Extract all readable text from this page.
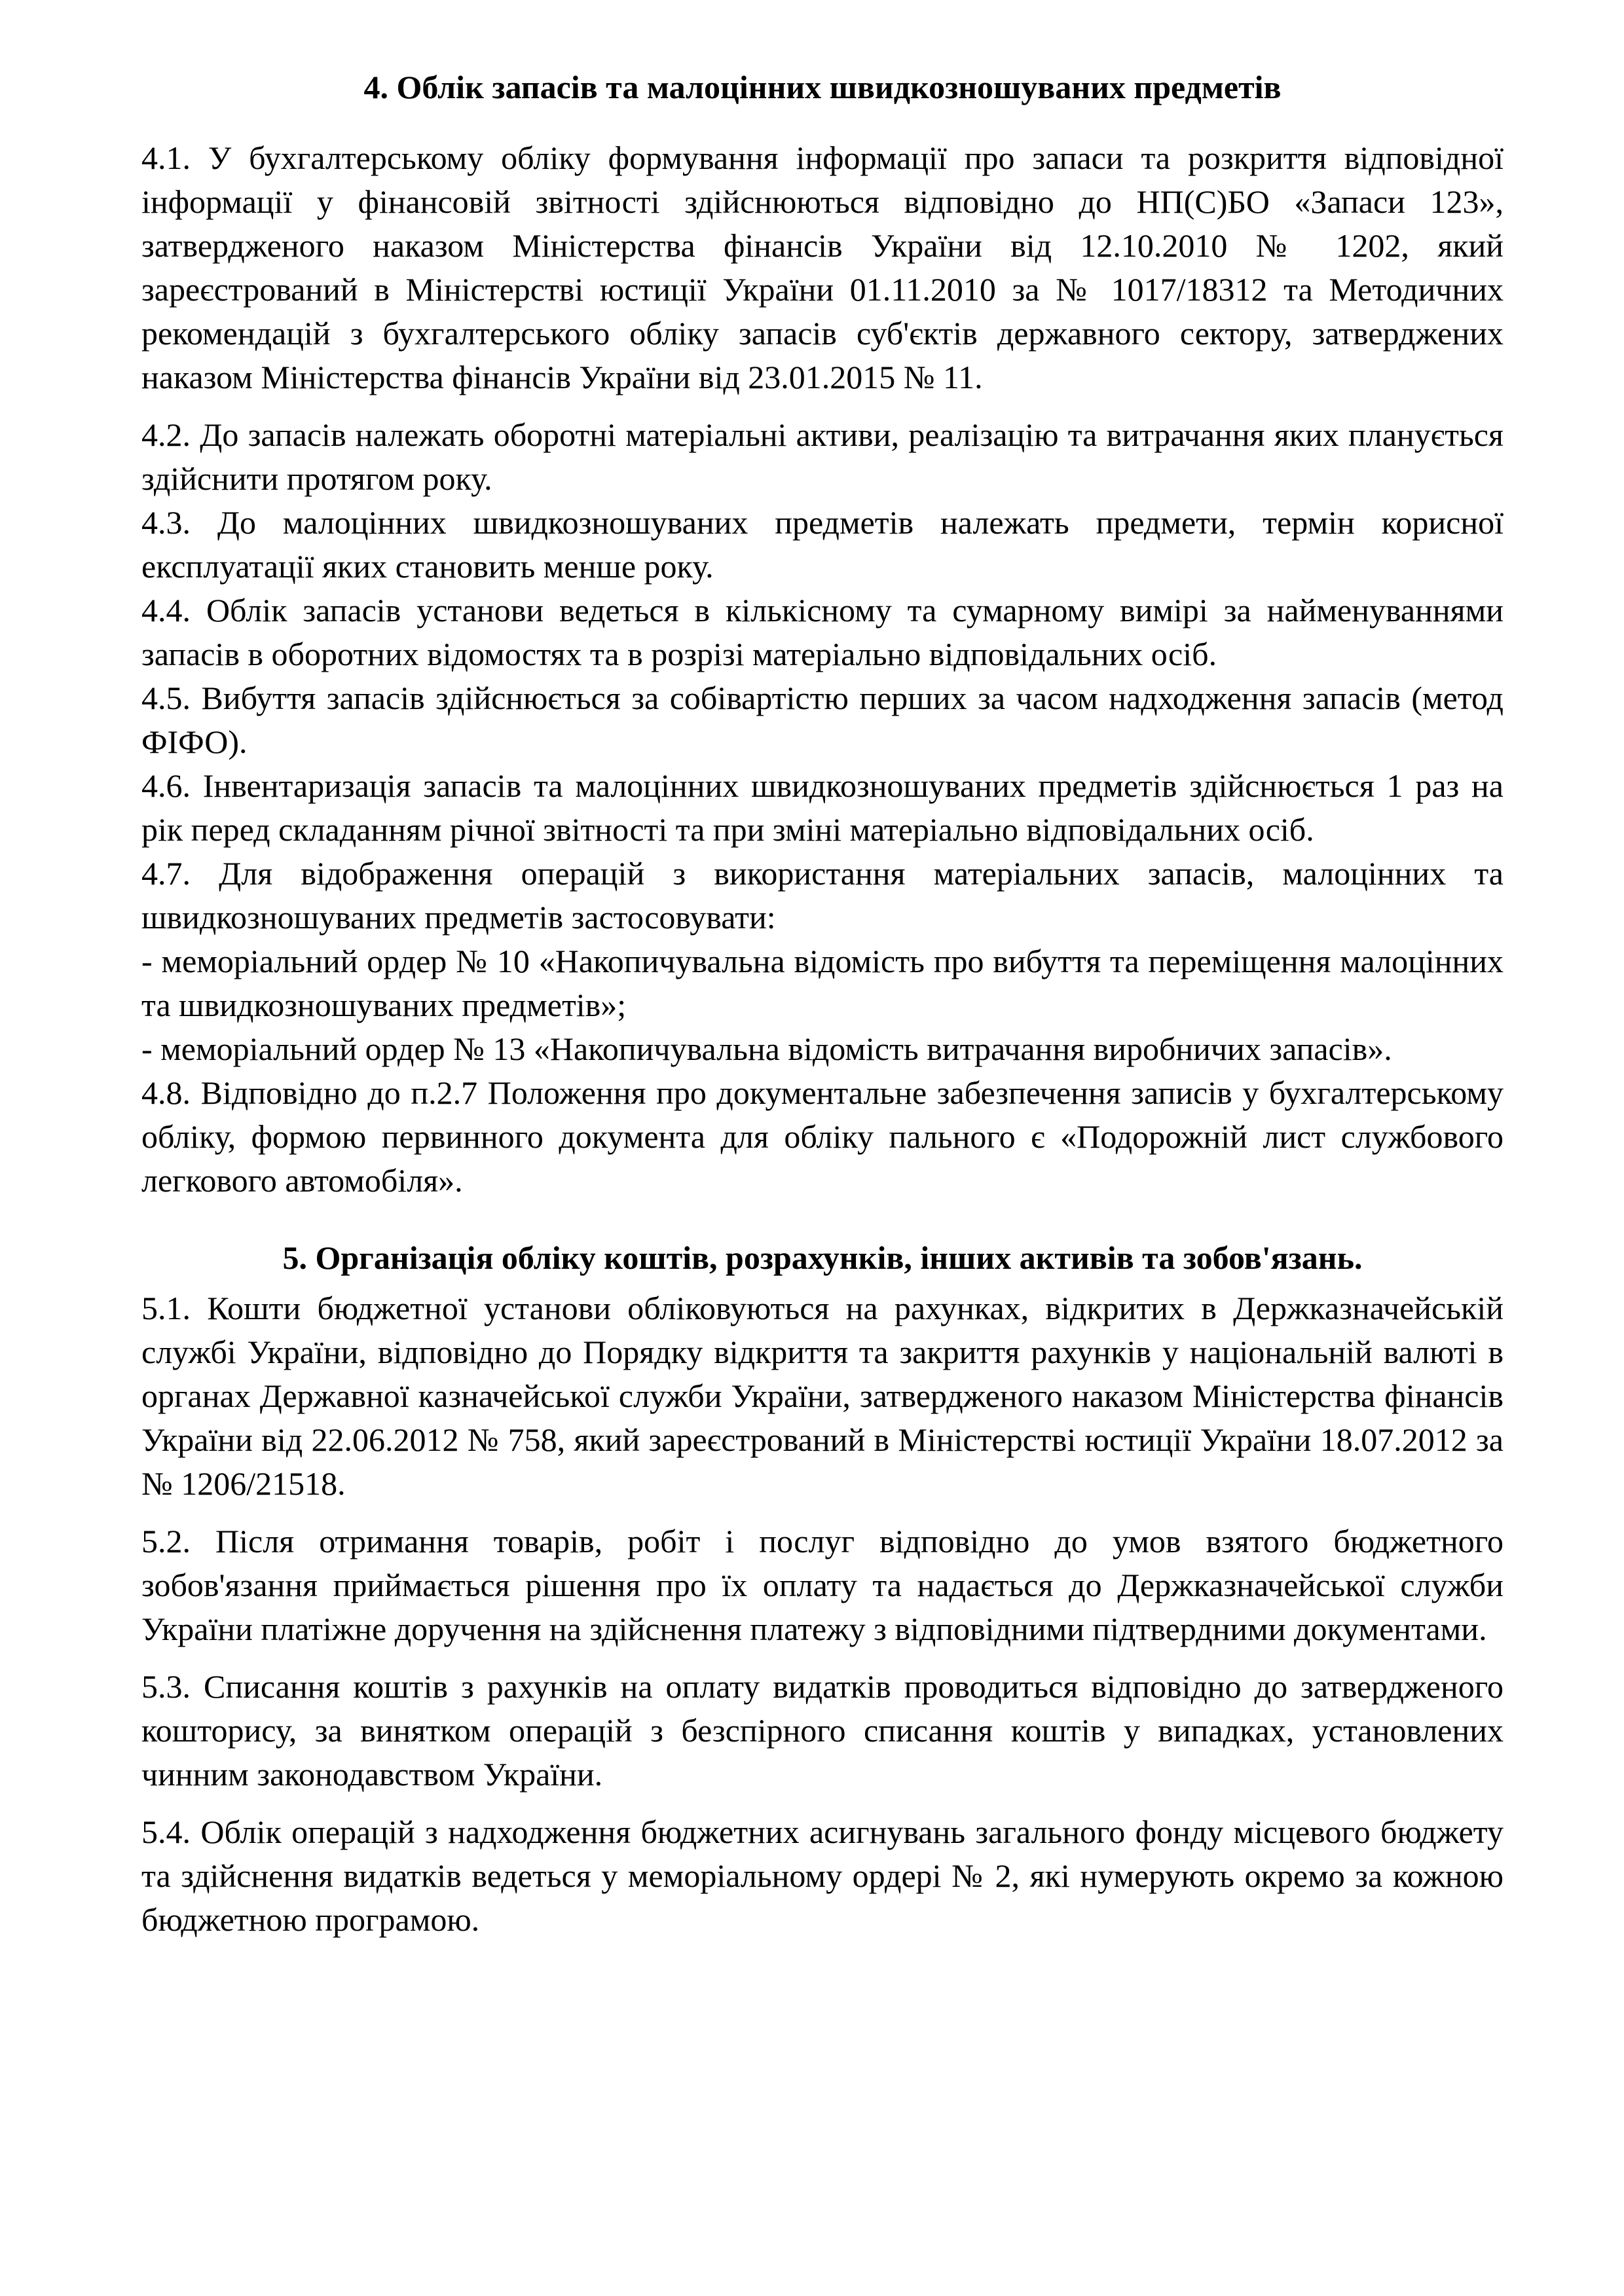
4. Облік запасів та малоцінних швидкозношуваних предметів

4.1. У бухгалтерському обліку формування інформації про запаси та розкриття відповідної інформації у фінансовій звітності здійснюються відповідно до НП(С)БО «Запаси 123», затвердженого наказом Міністерства фінансів України від 12.10.2010 № 1202, який зареєстрований в Міністерстві юстиції України 01.11.2010 за № 1017/18312 та Методичних рекомендацій з бухгалтерського обліку запасів суб'єктів державного сектору, затверджених наказом Міністерства фінансів України від 23.01.2015 № 11.

4.2. До запасів належать оборотні матеріальні активи, реалізацію та витрачання яких планується здійснити протягом року.

4.3. До малоцінних швидкозношуваних предметів належать предмети, термін корисної експлуатації яких становить менше року.

4.4. Облік запасів установи ведеться в кількісному та сумарному вимірі за найменуваннями запасів в оборотних відомостях та в розрізі матеріально відповідальних осіб.

4.5. Вибуття запасів здійснюється за собівартістю перших за часом надходження запасів (метод ФІФО).

4.6. Інвентаризація запасів та малоцінних швидкозношуваних предметів здійснюється 1 раз на рік перед складанням річної звітності та при зміні матеріально відповідальних осіб.

4.7. Для відображення операцій з використання матеріальних запасів, малоцінних та швидкозношуваних предметів застосовувати:

- меморіальний ордер № 10 «Накопичувальна відомість про вибуття та переміщення малоцінних та швидкозношуваних предметів»;

- меморіальний ордер № 13 «Накопичувальна відомість витрачання виробничих запасів».

4.8. Відповідно до п.2.7 Положення про документальне забезпечення записів у бухгалтерському обліку, формою первинного документа для обліку пального є «Подорожній лист службового легкового автомобіля».

5. Організація обліку коштів, розрахунків, інших активів та зобов'язань.

5.1. Кошти бюджетної установи обліковуються на рахунках, відкритих в Держказначейській службі України, відповідно до Порядку відкриття та закриття рахунків у національній валюті в органах Державної казначейської служби України, затвердженого наказом Міністерства фінансів України від 22.06.2012 № 758, який зареєстрований в Міністерстві юстиції України 18.07.2012 за № 1206/21518.

5.2. Після отримання товарів, робіт і послуг відповідно до умов взятого бюджетного зобов'язання приймається рішення про їх оплату та надається до Держказначейської служби України платіжне доручення на здійснення платежу з відповідними підтвердними документами.

5.3. Списання коштів з рахунків на оплату видатків проводиться відповідно до затвердженого кошторису, за винятком операцій з безспірного списання коштів у випадках, установлених чинним законодавством України.

5.4. Облік операцій з надходження бюджетних асигнувань загального фонду місцевого бюджету та здійснення видатків ведеться у меморіальному ордері № 2, які нумерують окремо за кожною бюджетною програмою.
